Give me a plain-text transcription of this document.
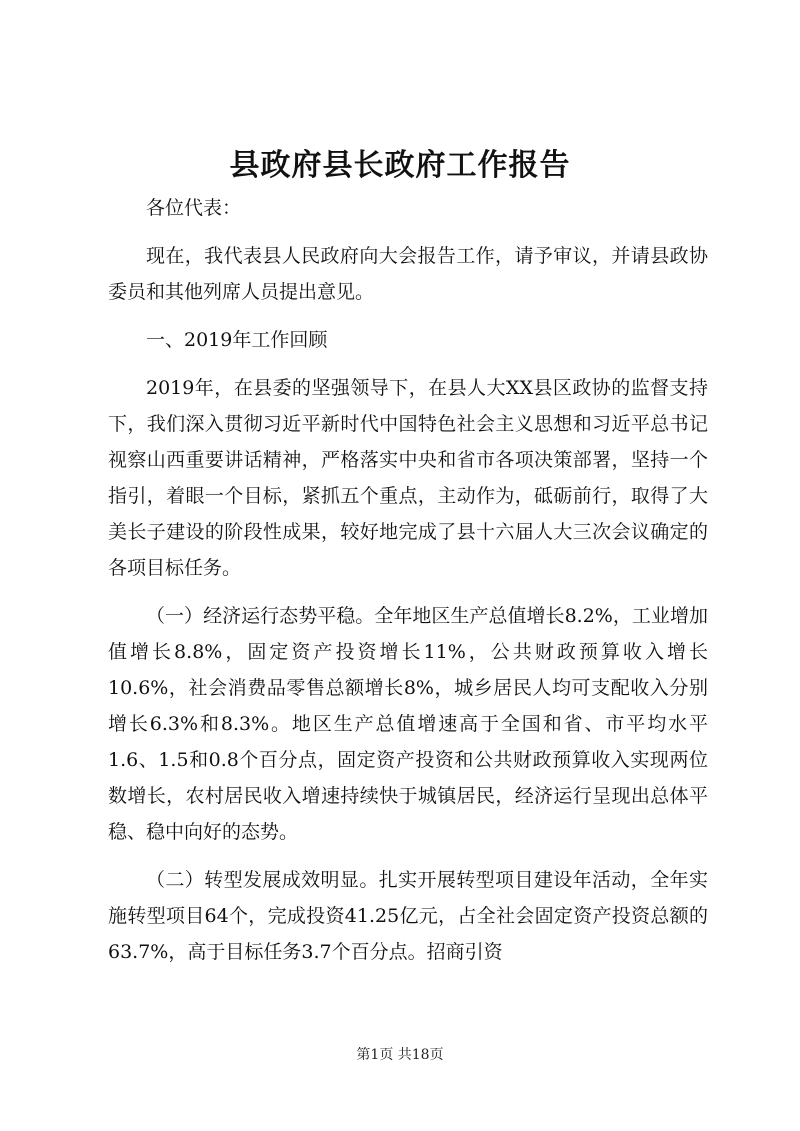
县政府县长政府工作报告

各位代表：

现在，我代表县人民政府向大会报告工作，请予审议，并请县政协委员和其他列席人员提出意见。

一、2019年工作回顾

2019年，在县委的坚强领导下，在县人大XX县区政协的监督支持下，我们深入贯彻习近平新时代中国特色社会主义思想和习近平总书记视察山西重要讲话精神，严格落实中央和省市各项决策部署，坚持一个指引，着眼一个目标，紧抓五个重点，主动作为，砥砺前行，取得了大美长子建设的阶段性成果，较好地完成了县十六届人大三次会议确定的各项目标任务。

（一）经济运行态势平稳。全年地区生产总值增长8.2%，工业增加值增长8.8%，固定资产投资增长11%，公共财政预算收入增长10.6%，社会消费品零售总额增长8%，城乡居民人均可支配收入分别增长6.3%和8.3%。地区生产总值增速高于全国和省、市平均水平1.6、1.5和0.8个百分点，固定资产投资和公共财政预算收入实现两位数增长，农村居民收入增速持续快于城镇居民，经济运行呈现出总体平稳、稳中向好的态势。

（二）转型发展成效明显。扎实开展转型项目建设年活动，全年实施转型项目64个，完成投资41.25亿元，占全社会固定资产投资总额的63.7%，高于目标任务3.7个百分点。招商引资

第1页 共18页
